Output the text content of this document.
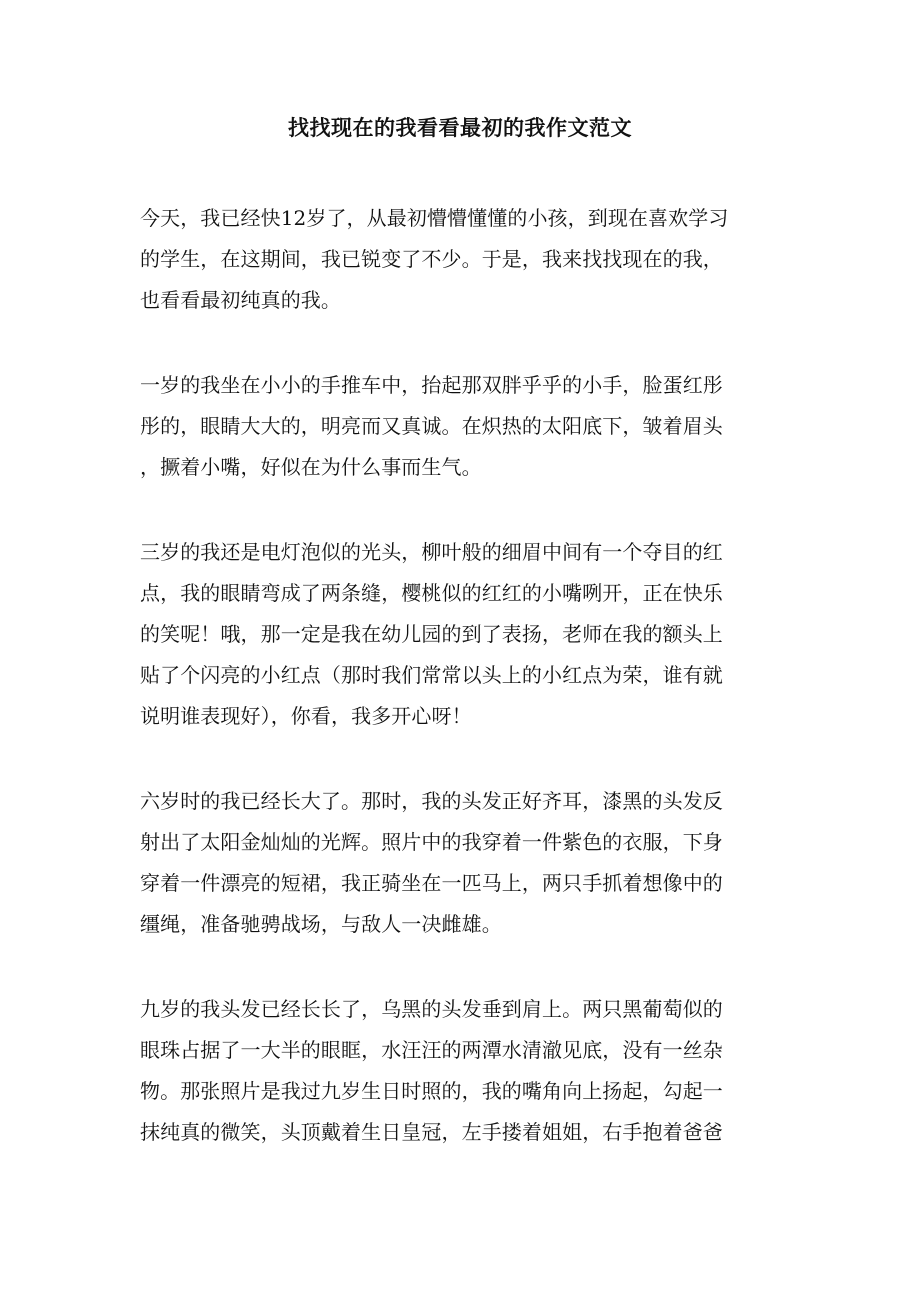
找找现在的我看看最初的我作文范文

今天，我已经快12岁了，从最初懵懵懂懂的小孩，到现在喜欢学习
的学生，在这期间，我已锐变了不少。于是，我来找找现在的我，
也看看最初纯真的我。

一岁的我坐在小小的手推车中，抬起那双胖乎乎的小手，脸蛋红彤
彤的，眼睛大大的，明亮而又真诚。在炽热的太阳底下，皱着眉头
，撅着小嘴，好似在为什么事而生气。

三岁的我还是电灯泡似的光头，柳叶般的细眉中间有一个夺目的红
点，我的眼睛弯成了两条缝，樱桃似的红红的小嘴咧开，正在快乐
的笑呢！哦，那一定是我在幼儿园的到了表扬，老师在我的额头上
贴了个闪亮的小红点（那时我们常常以头上的小红点为荣，谁有就
说明谁表现好），你看，我多开心呀！

六岁时的我已经长大了。那时，我的头发正好齐耳，漆黑的头发反
射出了太阳金灿灿的光辉。照片中的我穿着一件紫色的衣服，下身
穿着一件漂亮的短裙，我正骑坐在一匹马上，两只手抓着想像中的
缰绳，准备驰骋战场，与敌人一决雌雄。

九岁的我头发已经长长了，乌黑的头发垂到肩上。两只黑葡萄似的
眼珠占据了一大半的眼眶，水汪汪的两潭水清澈见底，没有一丝杂
物。那张照片是我过九岁生日时照的，我的嘴角向上扬起，勾起一
抹纯真的微笑，头顶戴着生日皇冠，左手搂着姐姐，右手抱着爸爸
